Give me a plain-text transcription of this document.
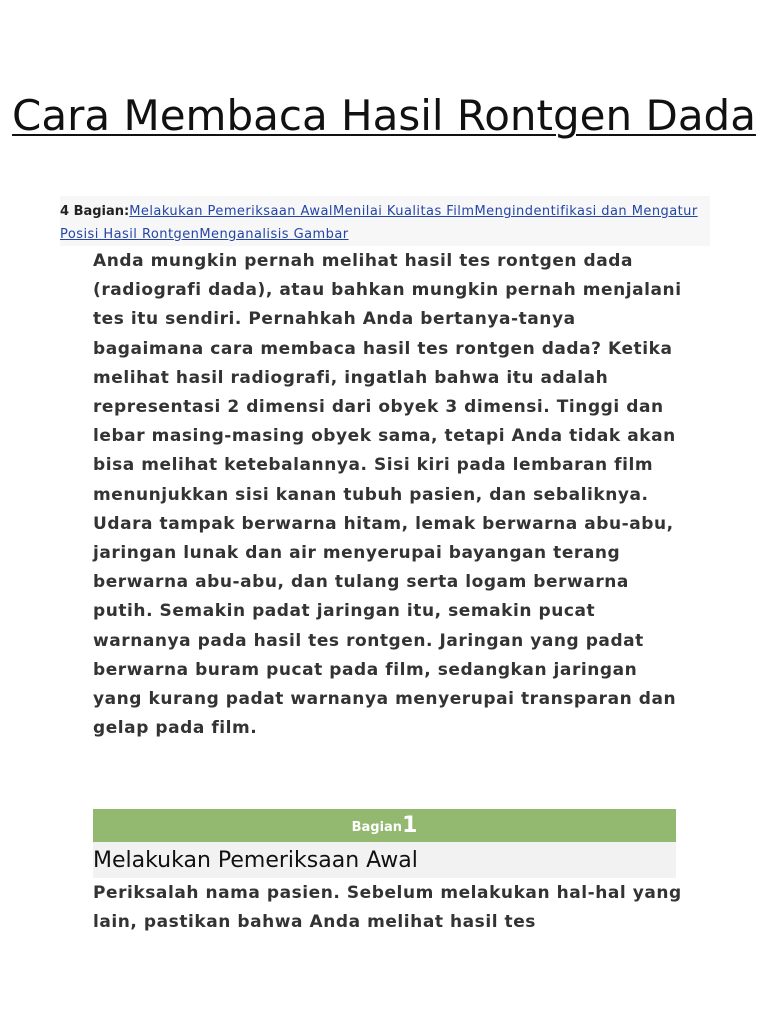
Cara Membaca Hasil Rontgen Dada
4 Bagian:Melakukan Pemeriksaan AwalMenilai Kualitas FilmMengindentifikasi dan Mengatur Posisi Hasil RontgenMenganalisis Gambar

Anda mungkin pernah melihat hasil tes rontgen dada (radiografi dada), atau bahkan mungkin pernah menjalani tes itu sendiri. Pernahkah Anda bertanya-tanya bagaimana cara membaca hasil tes rontgen dada? Ketika melihat hasil radiografi, ingatlah bahwa itu adalah representasi 2 dimensi dari obyek 3 dimensi. Tinggi dan lebar masing-masing obyek sama, tetapi Anda tidak akan bisa melihat ketebalannya. Sisi kiri pada lembaran film menunjukkan sisi kanan tubuh pasien, dan sebaliknya. Udara tampak berwarna hitam, lemak berwarna abu-abu, jaringan lunak dan air menyerupai bayangan terang berwarna abu-abu, dan tulang serta logam berwarna putih. Semakin padat jaringan itu, semakin pucat warnanya pada hasil tes rontgen. Jaringan yang padat berwarna buram pucat pada film, sedangkan jaringan yang kurang padat warnanya menyerupai transparan dan gelap pada film.

Bagian1
Melakukan Pemeriksaan Awal

Periksalah nama pasien. Sebelum melakukan hal-hal yang lain, pastikan bahwa Anda melihat hasil tes
